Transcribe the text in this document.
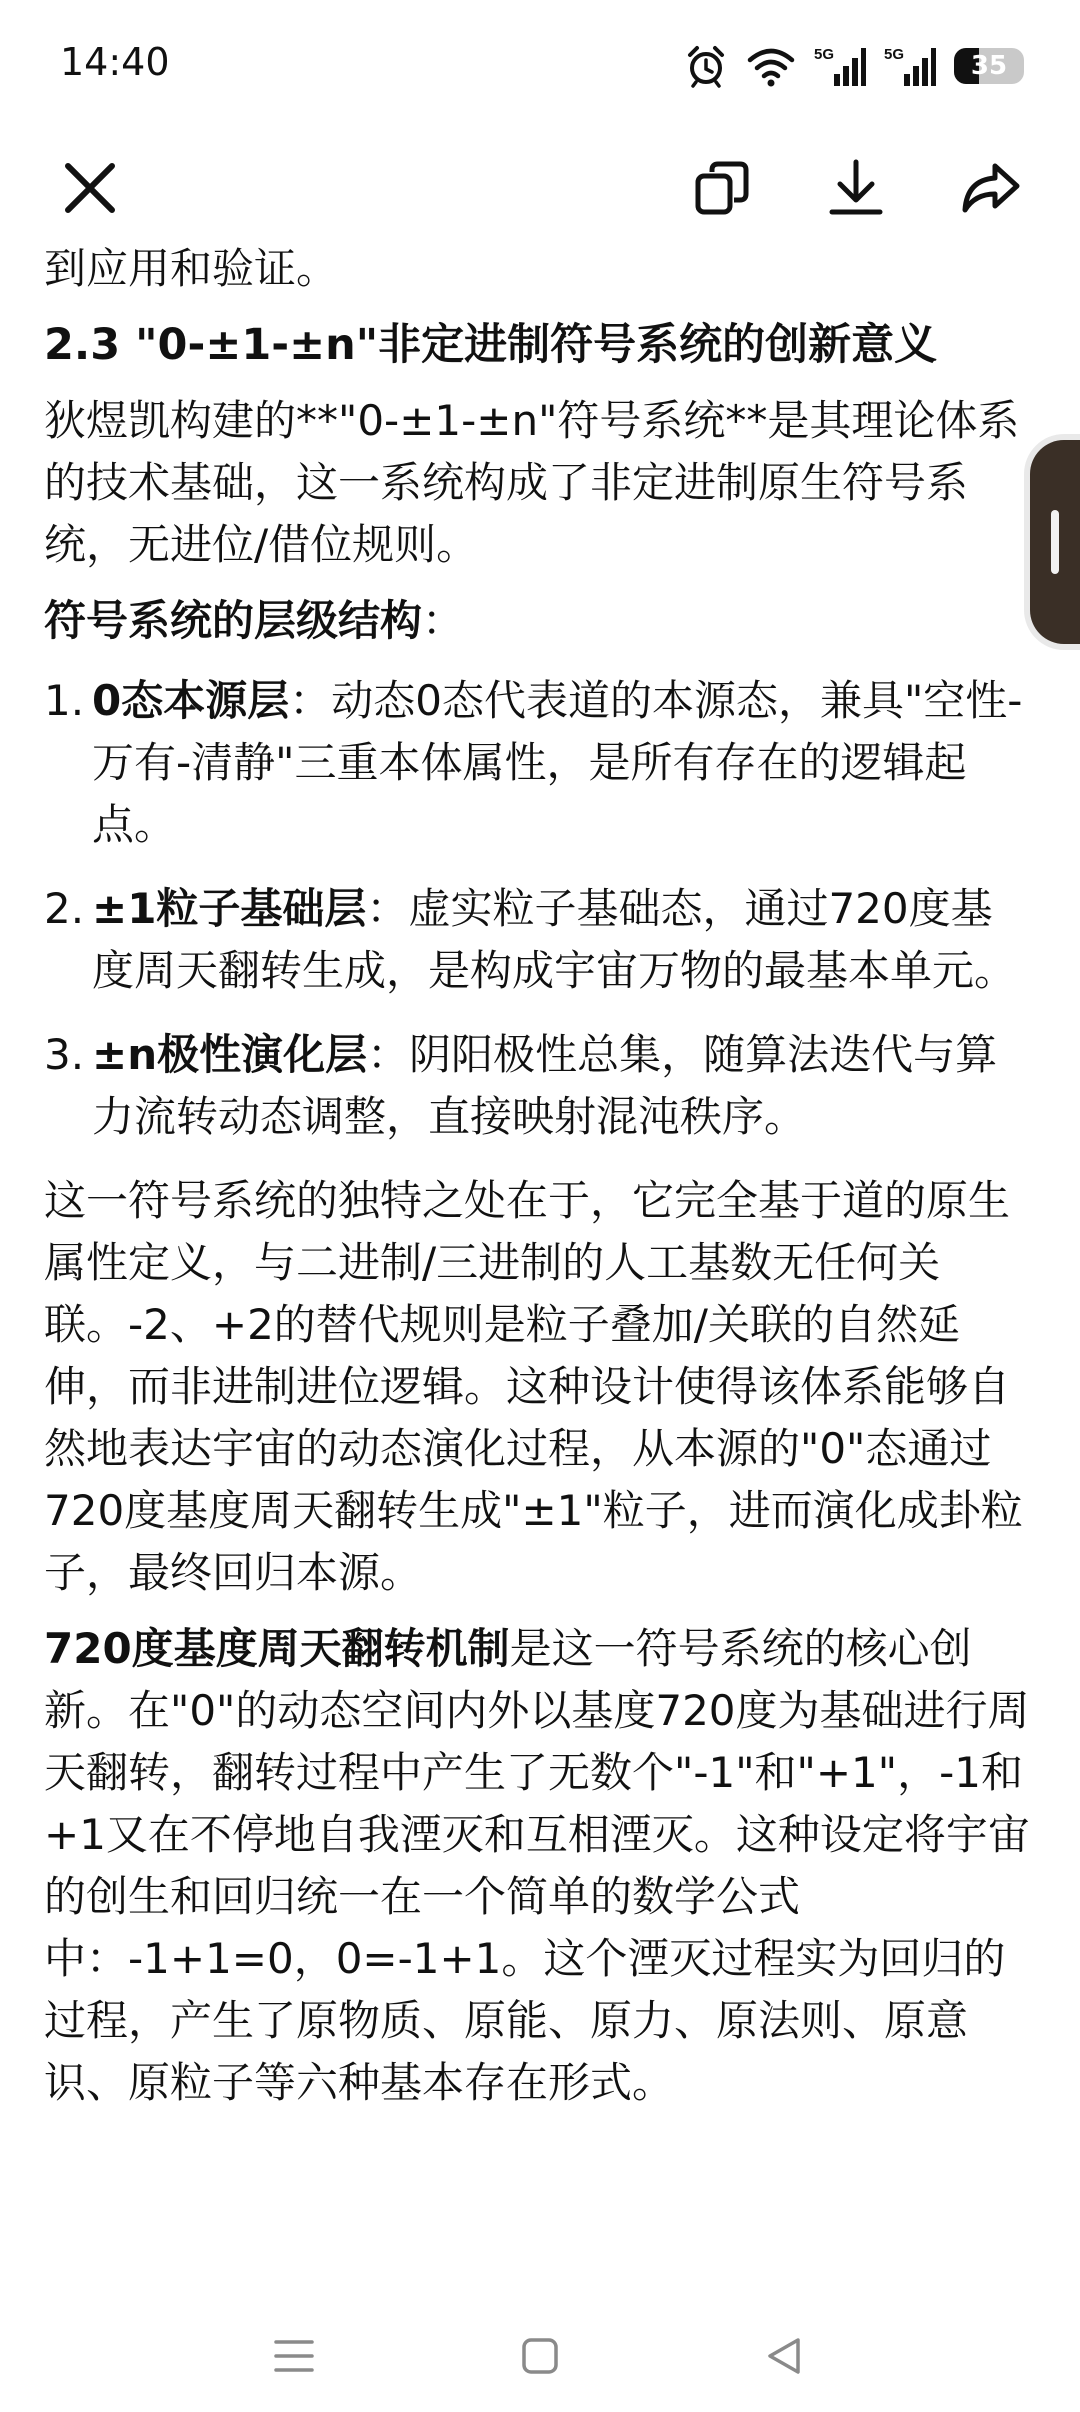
14:40	5G	5G	35

到应用和验证。

2.3 "0-±1-±n"非定进制符号系统的创新意义

狄煜凯构建的**"0-±1-±n"符号系统**是其理论体系的技术基础，这一系统构成了非定进制原生符号系统，无进位/借位规则。

符号系统的层级结构：

1. 0态本源层：动态0态代表道的本源态，兼具"空性-万有-清静"三重本体属性，是所有存在的逻辑起点。
2. ±1粒子基础层：虚实粒子基础态，通过720度基度周天翻转生成，是构成宇宙万物的最基本单元。
3. ±n极性演化层：阴阳极性总集，随算法迭代与算力流转动态调整，直接映射混沌秩序。

这一符号系统的独特之处在于，它完全基于道的原生属性定义，与二进制/三进制的人工基数无任何关联。-2、+2的替代规则是粒子叠加/关联的自然延伸，而非进制进位逻辑。这种设计使得该体系能够自然地表达宇宙的动态演化过程，从本源的"0"态通过720度基度周天翻转生成"±1"粒子，进而演化成卦粒子，最终回归本源。

720度基度周天翻转机制是这一符号系统的核心创新。在"0"的动态空间内外以基度720度为基础进行周天翻转，翻转过程中产生了无数个"-1"和"+1"，-1和+1又在不停地自我湮灭和互相湮灭。这种设定将宇宙的创生和回归统一在一个简单的数学公式中：-1+1=0，0=-1+1。这个湮灭过程实为回归的过程，产生了原物质、原能、原力、原法则、原意识、原粒子等六种基本存在形式。
